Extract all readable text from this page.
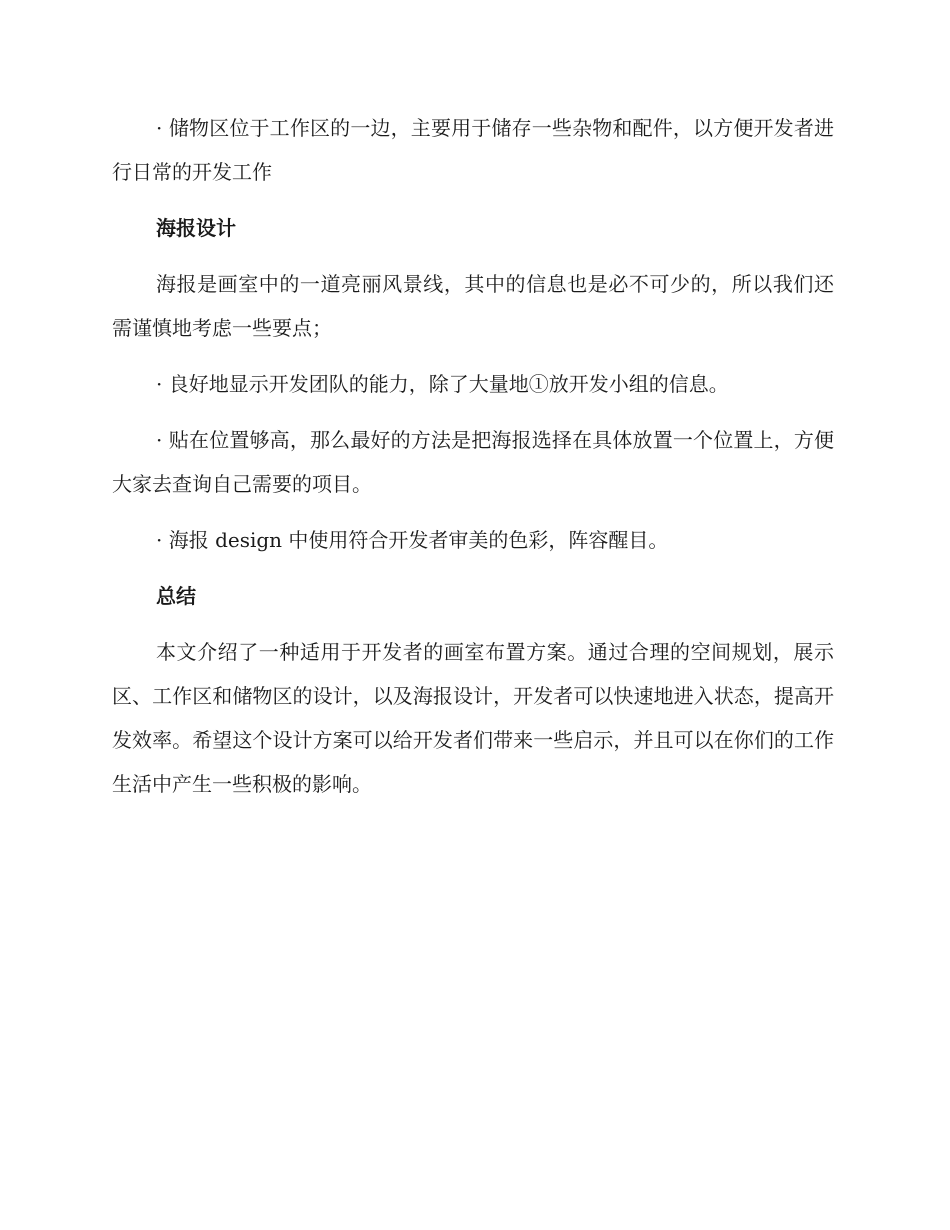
· 储物区位于工作区的一边，主要用于储存一些杂物和配件，以方便开发者进行日常的开发工作

海报设计

海报是画室中的一道亮丽风景线，其中的信息也是必不可少的，所以我们还需谨慎地考虑一些要点；

· 良好地显示开发团队的能力，除了大量地①放开发小组的信息。

· 贴在位置够高，那么最好的方法是把海报选择在具体放置一个位置上，方便大家去查询自己需要的项目。

· 海报 design 中使用符合开发者审美的色彩，阵容醒目。

总结

本文介绍了一种适用于开发者的画室布置方案。通过合理的空间规划，展示区、工作区和储物区的设计，以及海报设计，开发者可以快速地进入状态，提高开发效率。希望这个设计方案可以给开发者们带来一些启示，并且可以在你们的工作生活中产生一些积极的影响。
